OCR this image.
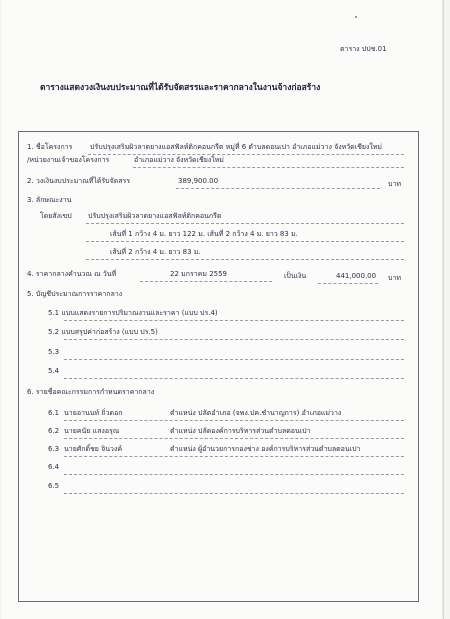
ตาราง ปปช.01
ตารางแสดงวงเงินงบประมาณที่ได้รับจัดสรรและราคากลางในงานจ้างก่อสร้าง
1. ชื่อโครงการ	ปรับปรุงเสริมผิวลาดยางแอสฟัลท์ติกคอนกรีต หมู่ที่ 6 ตำบลดอนเปา อำเภอแม่วาง จังหวัดเชียงใหม่
/หน่วยงานเจ้าของโครงการ	อำเภอแม่วาง จังหวัดเชียงใหม่
2. วงเงินงบประมาณที่ได้รับจัดสรร	389,900.00	บาท
3. ลักษณะงาน
โดยสังเขป ปรับปรุงเสริมผิวลาดยางแอสฟัลท์ติกคอนกรีต
เส้นที่ 1 กว้าง 4 ม. ยาว 122 ม. เส้นที่ 2 กว้าง 4 ม. ยาว 83 ม.
เส้นที่ 2 กว้าง 4 ม. ยาว 83 ม.
4. ราคากลางคำนวณ ณ วันที่	22 มกราคม 2559	เป็นเงิน	441,000.00 บาท
5. บัญชีประมาณการราคากลาง
5.1 แบบแสดงรายการปริมาณงานและราคา (แบบ ปร.4)
5.2 แบบสรุปค่าก่อสร้าง (แบบ ปร.5)
5.3
5.4
6. รายชื่อคณะกรรมการกำหนดราคากลาง
6.1 นายอานนท์ ถิ่วดอก	ตำแหน่ง ปลัดอำเภอ (จพง.ปค.ชำนาญการ) อำเภอแม่วาง
6.2 นายคนัย แสงอรุณ	ตำแหน่ง ปลัดองค์การบริหารส่วนตำบลดอนเปา
6.3 นายศักดิ์ชย จินวงค์	ตำแหน่ง ผู้อำนวยการกองช่าง องค์การบริหารส่วนตำบลดอนเปา
6.4
6.5
